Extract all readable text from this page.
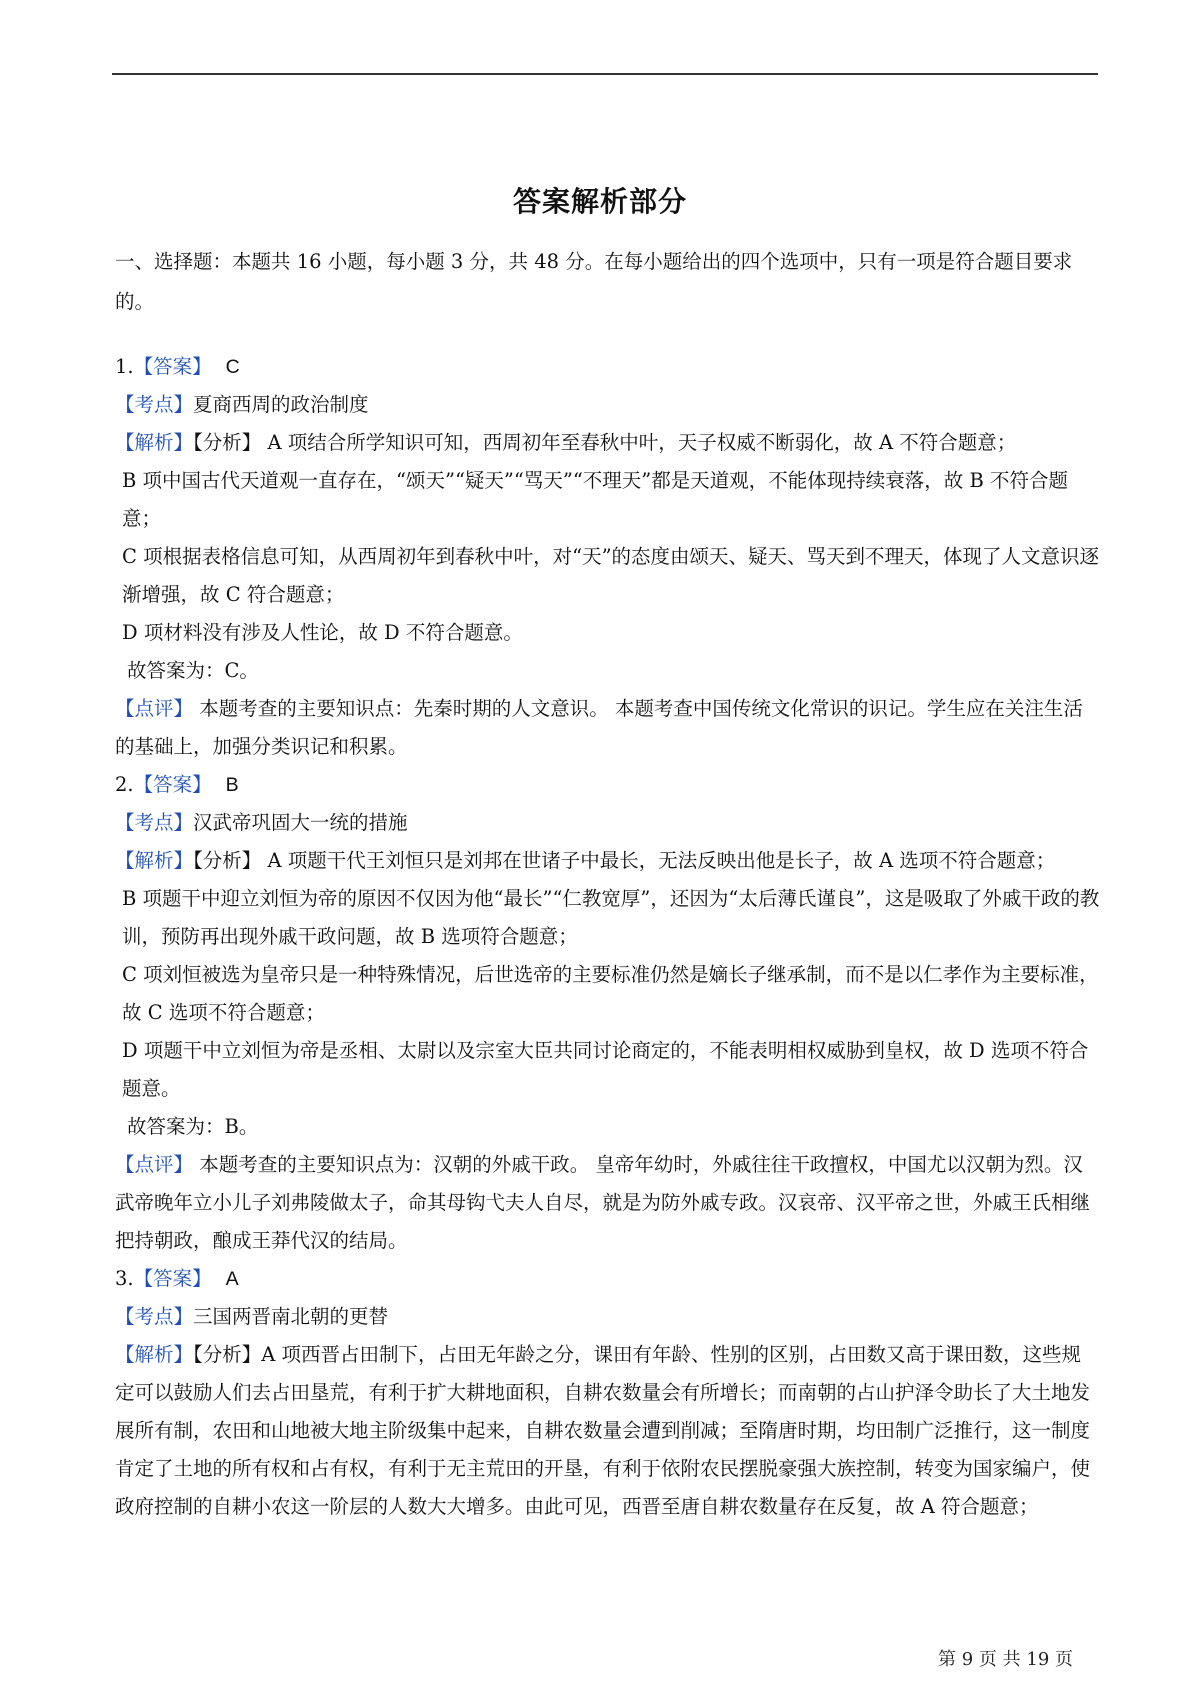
答案解析部分
一、选择题：本题共 16 小题，每小题 3 分，共 48 分。在每小题给出的四个选项中，只有一项是符合题目要求的。
1.【答案】 C
【考点】夏商西周的政治制度
【解析】【分析】 A 项结合所学知识可知，西周初年至春秋中叶，天子权威不断弱化，故 A 不符合题意；
B 项中国古代天道观一直存在，“颂天”“疑天”“骂天”“不理天”都是天道观，不能体现持续衰落，故 B 不符合题意；
C 项根据表格信息可知，从西周初年到春秋中叶，对“天”的态度由颂天、疑天、骂天到不理天，体现了人文意识逐渐增强，故 C 符合题意；
D 项材料没有涉及人性论，故 D 不符合题意。
故答案为：C。
【点评】 本题考查的主要知识点：先秦时期的人文意识。 本题考查中国传统文化常识的识记。学生应在关注生活的基础上，加强分类识记和积累。
2.【答案】 B
【考点】汉武帝巩固大一统的措施
【解析】【分析】 A 项题干代王刘恒只是刘邦在世诸子中最长，无法反映出他是长子，故 A 选项不符合题意；
B 项题干中迎立刘恒为帝的原因不仅因为他“最长”“仁教宽厚”，还因为“太后薄氏谨良”，这是吸取了外戚干政的教训，预防再出现外戚干政问题，故 B 选项符合题意；
C 项刘恒被选为皇帝只是一种特殊情况，后世选帝的主要标准仍然是嫡长子继承制，而不是以仁孝作为主要标准，故 C 选项不符合题意；
D 项题干中立刘恒为帝是丞相、太尉以及宗室大臣共同讨论商定的，不能表明相权威胁到皇权，故 D 选项不符合题意。
故答案为：B。
【点评】 本题考查的主要知识点为：汉朝的外戚干政。 皇帝年幼时，外戚往往干政擅权，中国尤以汉朝为烈。汉武帝晚年立小儿子刘弗陵做太子，命其母钩弋夫人自尽，就是为防外戚专政。汉哀帝、汉平帝之世，外戚王氏相继把持朝政，酿成王莽代汉的结局。
3.【答案】 A
【考点】三国两晋南北朝的更替
【解析】【分析】A 项西晋占田制下，占田无年龄之分，课田有年龄、性别的区别，占田数又高于课田数，这些规定可以鼓励人们去占田垦荒，有利于扩大耕地面积，自耕农数量会有所增长；而南朝的占山护泽令助长了大土地发展所有制，农田和山地被大地主阶级集中起来，自耕农数量会遭到削减；至隋唐时期，均田制广泛推行，这一制度肯定了土地的所有权和占有权，有利于无主荒田的开垦，有利于依附农民摆脱豪强大族控制，转变为国家编户，使政府控制的自耕小农这一阶层的人数大大增多。由此可见，西晋至唐自耕农数量存在反复，故 A 符合题意；
第 9 页 共 19 页
